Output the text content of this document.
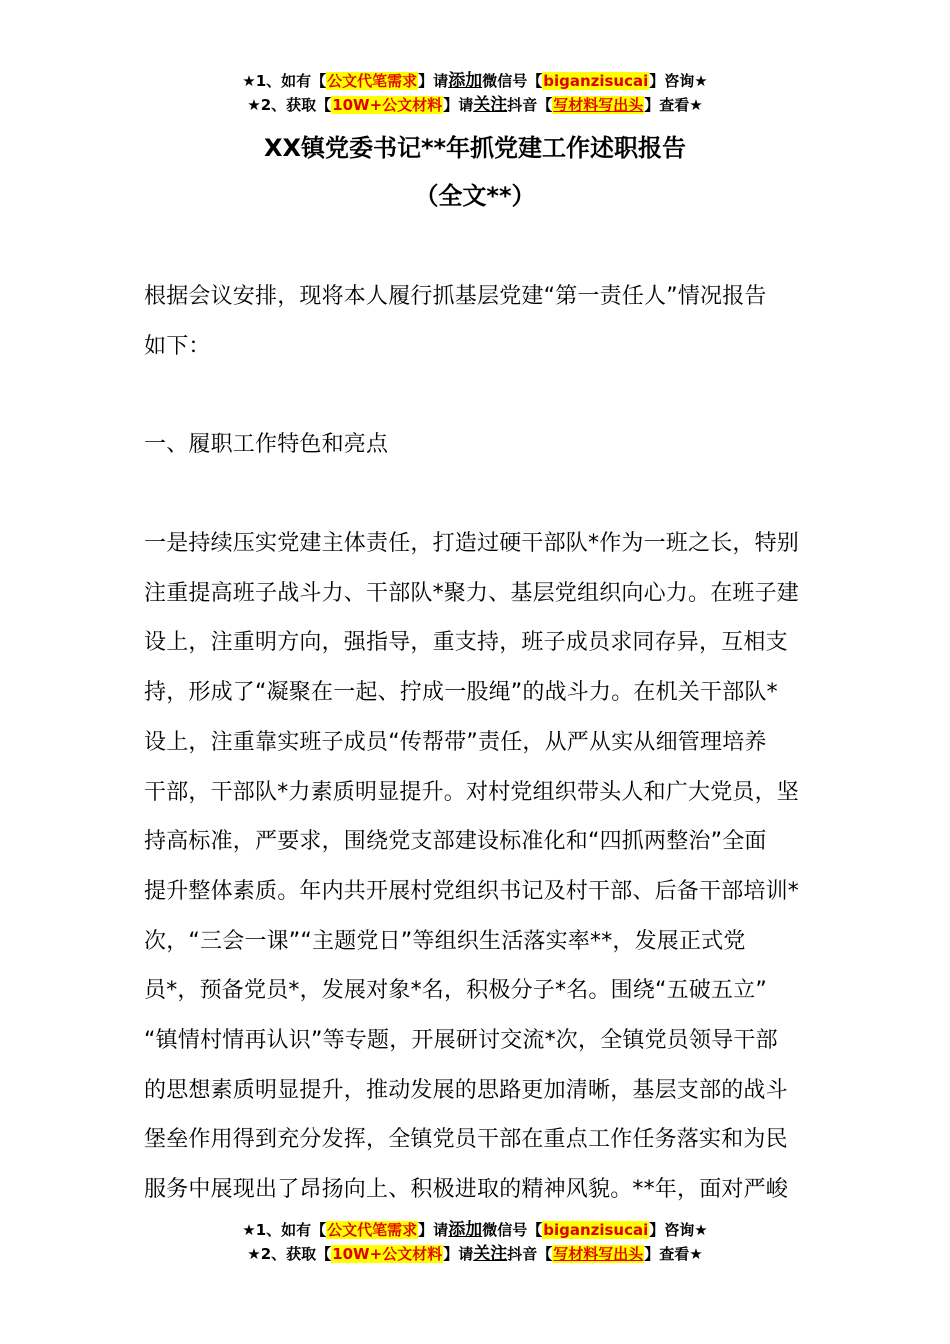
★1、如有【公文代笔需求】请添加微信号【biganzisucai】咨询★
★2、获取【10W+公文材料】请关注抖音【写材料写出头】查看★
XX镇党委书记**年抓党建工作述职报告
（全文**）
根据会议安排，现将本人履行抓基层党建“第一责任人”情况报告
如下：
一、履职工作特色和亮点
一是持续压实党建主体责任，打造过硬干部队*作为一班之长，特别
注重提高班子战斗力、干部队*聚力、基层党组织向心力。在班子建
设上，注重明方向，强指导，重支持，班子成员求同存异，互相支
持，形成了“凝聚在一起、拧成一股绳”的战斗力。在机关干部队*
设上，注重靠实班子成员“传帮带”责任，从严从实从细管理培养
干部，干部队*力素质明显提升。对村党组织带头人和广大党员，坚
持高标准，严要求，围绕党支部建设标准化和“四抓两整治”全面
提升整体素质。年内共开展村党组织书记及村干部、后备干部培训*
次，“三会一课”“主题党日”等组织生活落实率**，发展正式党
员*，预备党员*，发展对象*名，积极分子*名。围绕“五破五立”
“镇情村情再认识”等专题，开展研讨交流*次，全镇党员领导干部
的思想素质明显提升，推动发展的思路更加清晰，基层支部的战斗
堡垒作用得到充分发挥，全镇党员干部在重点工作任务落实和为民
服务中展现出了昂扬向上、积极进取的精神风貌。**年，面对严峻
★1、如有【公文代笔需求】请添加微信号【biganzisucai】咨询★
★2、获取【10W+公文材料】请关注抖音【写材料写出头】查看★
